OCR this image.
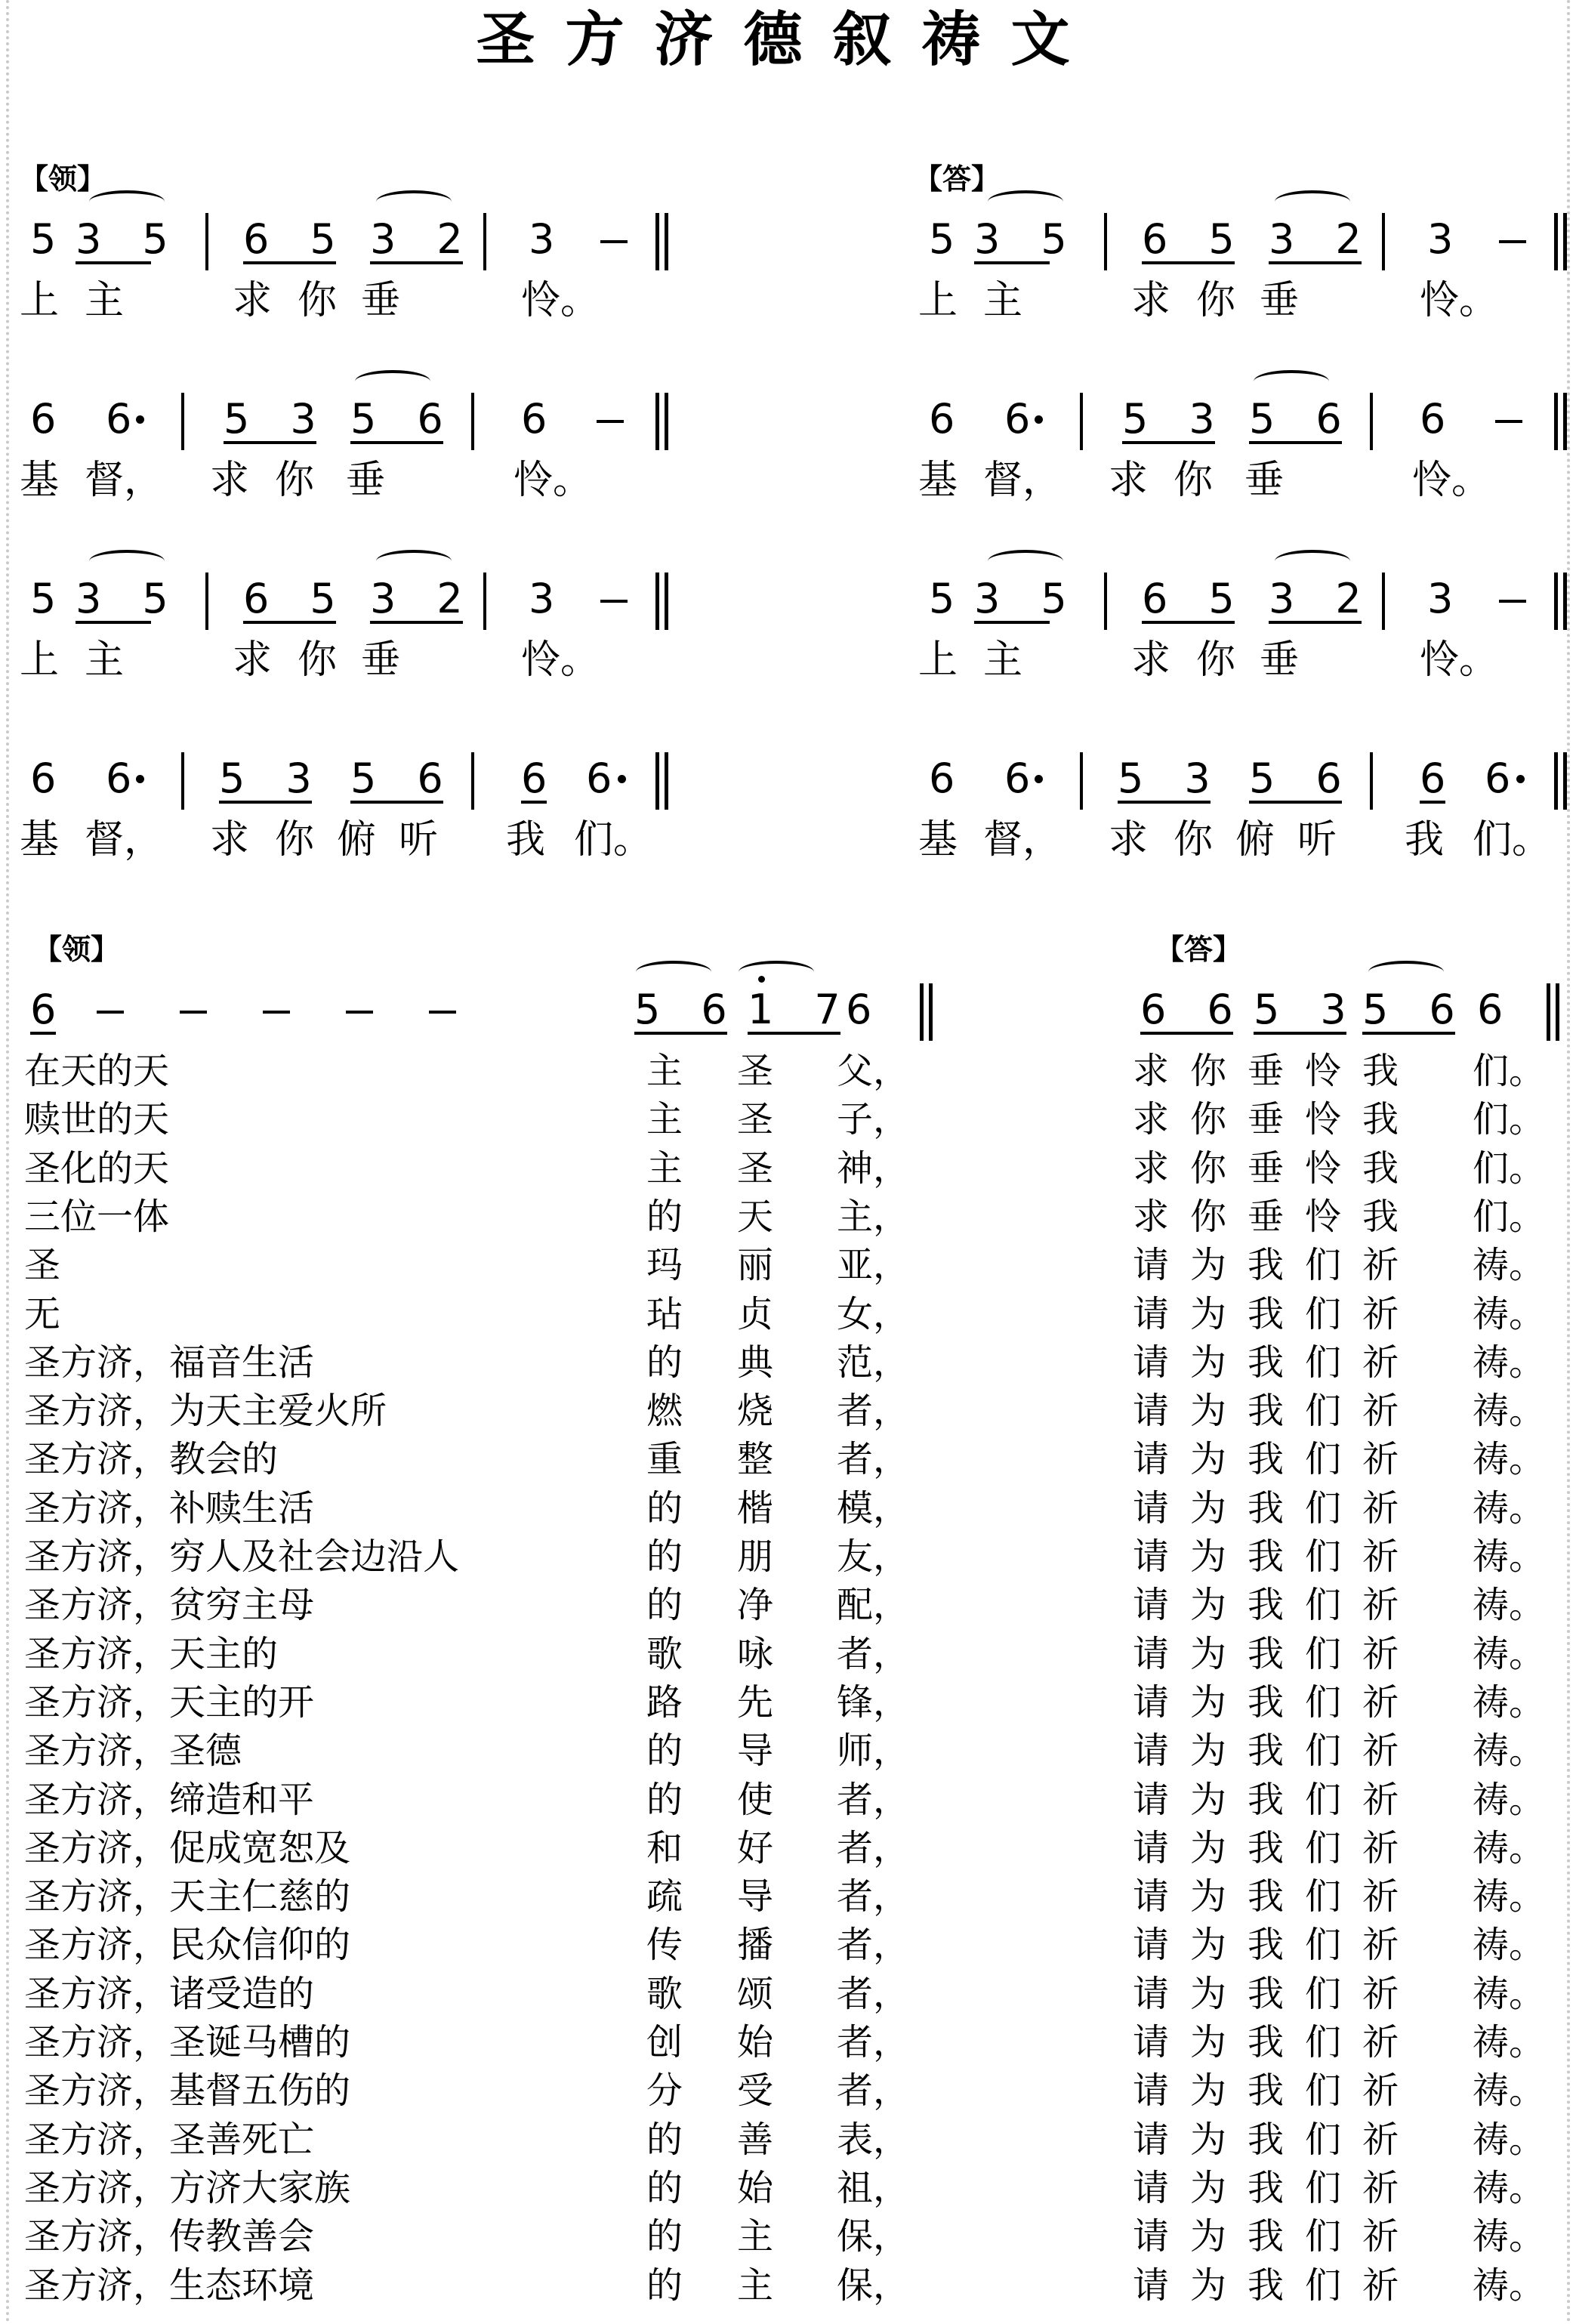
圣方济德叙祷文
【领】	【答】
5 3 5 6 5 3 2 3
上 主	求 你 垂	怜。
6 6 5 3 5 6 6
基 督， 求 你 垂	怜。
5 3 5 6 5 3 2 3
上 主	求 你 垂	怜。
6 6 5 3 5 6 6 6
基 督， 求 你 俯 听 我 们。
5 3 5 6 5 3 2 3
上 主	求 你 垂	怜。
6 6 5 3 5 6 6
基 督， 求 你 垂	怜。
5 3 5 6 5 3 2 3
上 主	求 你 垂	怜。
6 6 5 3 5 6 6 6
基 督， 求 你 俯 听 我 们。
【领】	【答】
6	5 6 1 7 6	6 6 5 3 5 6 6
在天的天	主	圣	父，	求你垂怜我 们。
赎世的天	主	圣	子，	求你垂怜我 们。
圣化的天	主	圣	神，	求你垂怜我 们。
三位一体	的	天	主，	求你垂怜我 们。
圣	玛	丽	亚，	请为我们祈 祷。
无	玷	贞	女，	请为我们祈 祷。
圣方济，福音生活	的	典	范，	请为我们祈 祷。
圣方济，为天主爱火所	燃	烧	者，	请为我们祈 祷。
圣方济，教会的	重	整	者，	请为我们祈 祷。
圣方济，补赎生活	的	楷	模，	请为我们祈 祷。
圣方济，穷人及社会边沿人	的	朋	友，	请为我们祈 祷。
圣方济，贫穷主母	的	净	配，	请为我们祈 祷。
圣方济，天主的	歌	咏	者，	请为我们祈 祷。
圣方济，天主的开	路	先	锋，	请为我们祈 祷。
圣方济，圣德	的	导	师，	请为我们祈 祷。
圣方济，缔造和平	的	使	者，	请为我们祈 祷。
圣方济，促成宽恕及	和	好	者，	请为我们祈 祷。
圣方济，天主仁慈的	疏	导	者，	请为我们祈 祷。
圣方济，民众信仰的	传	播	者，	请为我们祈 祷。
圣方济，诸受造的	歌	颂	者，	请为我们祈 祷。
圣方济，圣诞马槽的	创	始	者，	请为我们祈 祷。
圣方济，基督五伤的	分	受	者，	请为我们祈 祷。
圣方济，圣善死亡	的	善	表，	请为我们祈 祷。
圣方济，方济大家族	的	始	祖，	请为我们祈 祷。
圣方济，传教善会	的	主	保，	请为我们祈 祷。
圣方济，生态环境	的	主	保，	请为我们祈 祷。
